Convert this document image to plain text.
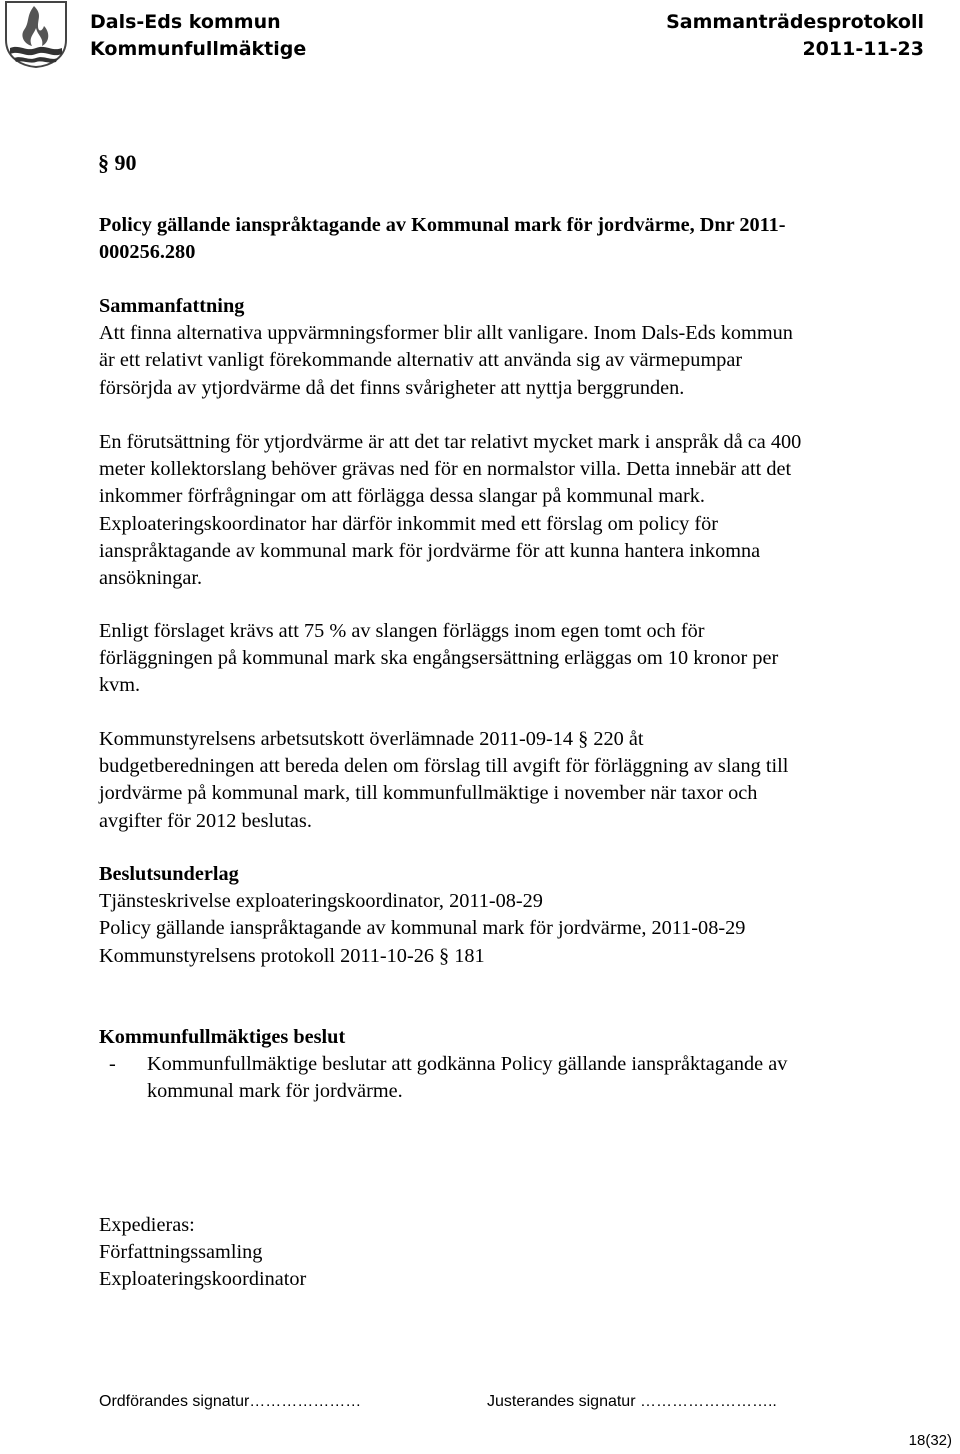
Dals-Eds kommun
Kommunfullmäktige
Sammanträdesprotokoll
2011-11-23
§ 90
Policy gällande ianspråktagande av Kommunal mark för jordvärme, Dnr 2011-
000256.280
Sammanfattning
Att finna alternativa uppvärmningsformer blir allt vanligare. Inom Dals-Eds kommun
är ett relativt vanligt förekommande alternativ att använda sig av värmepumpar
försörjda av ytjordvärme då det finns svårigheter att nyttja berggrunden.
En förutsättning för ytjordvärme är att det tar relativt mycket mark i anspråk då ca 400
meter kollektorslang behöver grävas ned för en normalstor villa. Detta innebär att det
inkommer förfrågningar om att förlägga dessa slangar på kommunal mark.
Exploateringskoordinator har därför inkommit med ett förslag om policy för
ianspråktagande av kommunal mark för jordvärme för att kunna hantera inkomna
ansökningar.
Enligt förslaget krävs att 75 % av slangen förläggs inom egen tomt och för
förläggningen på kommunal mark ska engångsersättning erläggas om 10 kronor per
kvm.
Kommunstyrelsens arbetsutskott överlämnade 2011-09-14 § 220 åt
budgetberedningen att bereda delen om förslag till avgift för förläggning av slang till
jordvärme på kommunal mark, till kommunfullmäktige i november när taxor och
avgifter för 2012 beslutas.
Beslutsunderlag
Tjänsteskrivelse exploateringskoordinator, 2011-08-29
Policy gällande ianspråktagande av kommunal mark för jordvärme, 2011-08-29
Kommunstyrelsens protokoll 2011-10-26 § 181
Kommunfullmäktiges beslut
- Kommunfullmäktige beslutar att godkänna Policy gällande ianspråktagande av
kommunal mark för jordvärme.
Expedieras:
Författningssamling
Exploateringskoordinator
Ordförandes signatur…………………	Justerandes signatur ……………………..
18(32)
